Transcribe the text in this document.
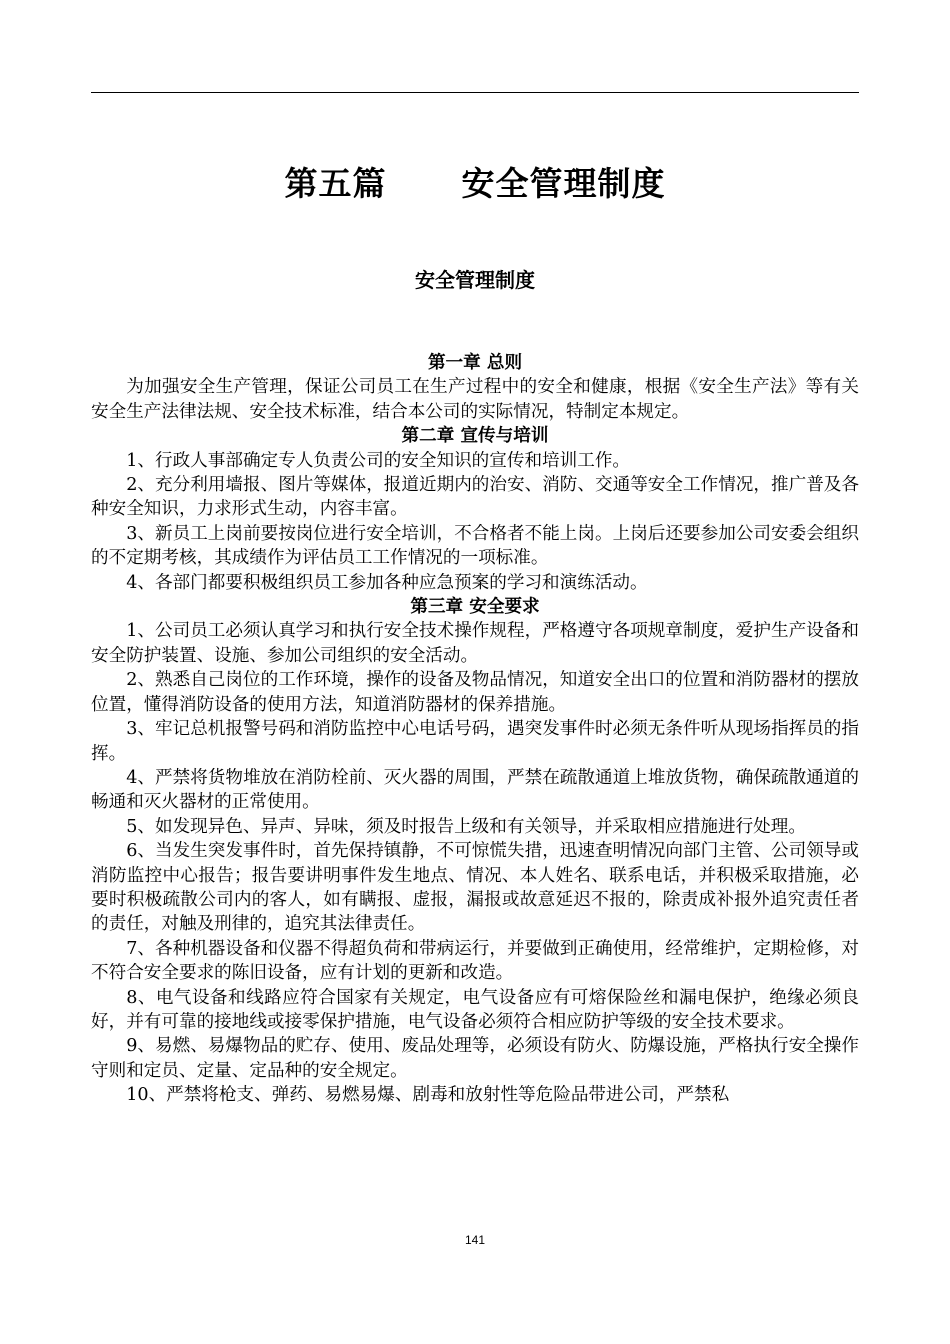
第五篇      安全管理制度
安全管理制度
第一章 总则

为加强安全生产管理，保证公司员工在生产过程中的安全和健康，根据《安全生产法》等有关安全生产法律法规、安全技术标准，结合本公司的实际情况，特制定本规定。

第二章 宣传与培训

1、行政人事部确定专人负责公司的安全知识的宣传和培训工作。

2、充分利用墙报、图片等媒体，报道近期内的治安、消防、交通等安全工作情况，推广普及各种安全知识，力求形式生动，内容丰富。

3、新员工上岗前要按岗位进行安全培训，不合格者不能上岗。上岗后还要参加公司安委会组织的不定期考核，其成绩作为评估员工工作情况的一项标准。

4、各部门都要积极组织员工参加各种应急预案的学习和演练活动。

第三章 安全要求

1、公司员工必须认真学习和执行安全技术操作规程，严格遵守各项规章制度，爱护生产设备和安全防护装置、设施、参加公司组织的安全活动。

2、熟悉自己岗位的工作环境，操作的设备及物品情况，知道安全出口的位置和消防器材的摆放位置，懂得消防设备的使用方法，知道消防器材的保养措施。

3、牢记总机报警号码和消防监控中心电话号码，遇突发事件时必须无条件听从现场指挥员的指挥。

4、严禁将货物堆放在消防栓前、灭火器的周围，严禁在疏散通道上堆放货物，确保疏散通道的畅通和灭火器材的正常使用。

5、如发现异色、异声、异味，须及时报告上级和有关领导，并采取相应措施进行处理。

6、当发生突发事件时，首先保持镇静，不可惊慌失措，迅速查明情况向部门主管、公司领导或消防监控中心报告；报告要讲明事件发生地点、情况、本人姓名、联系电话，并积极采取措施，必要时积极疏散公司内的客人，如有瞒报、虚报，漏报或故意延迟不报的，除责成补报外追究责任者的责任，对触及刑律的，追究其法律责任。

7、各种机器设备和仪器不得超负荷和带病运行，并要做到正确使用，经常维护，定期检修，对不符合安全要求的陈旧设备，应有计划的更新和改造。

8、电气设备和线路应符合国家有关规定，电气设备应有可熔保险丝和漏电保护，绝缘必须良好，并有可靠的接地线或接零保护措施，电气设备必须符合相应防护等级的安全技术要求。

9、易燃、易爆物品的贮存、使用、废品处理等，必须设有防火、防爆设施，严格执行安全操作守则和定员、定量、定品种的安全规定。

10、严禁将枪支、弹药、易燃易爆、剧毒和放射性等危险品带进公司，严禁私

141
